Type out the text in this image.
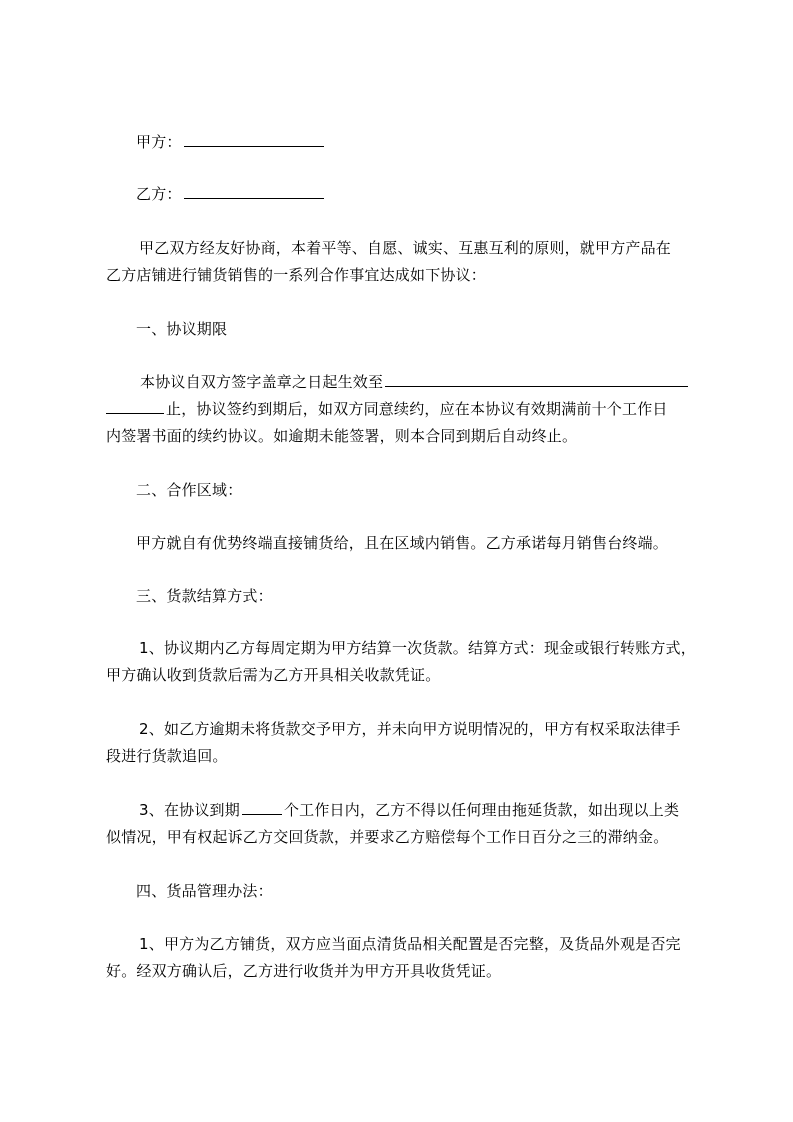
甲方：
乙方：
甲乙双方经友好协商，本着平等、自愿、诚实、互惠互利的原则，就甲方产品在
乙方店铺进行铺货销售的一系列合作事宜达成如下协议：
一、协议期限
本协议自双方签字盖章之日起生效至
止，协议签约到期后，如双方同意续约，应在本协议有效期满前十个工作日
内签署书面的续约协议。如逾期未能签署，则本合同到期后自动终止。
二、合作区域：
甲方就自有优势终端直接铺货给，且在区域内销售。乙方承诺每月销售台终端。
三、货款结算方式：
1、协议期内乙方每周定期为甲方结算一次货款。结算方式：现金或银行转账方式，
甲方确认收到货款后需为乙方开具相关收款凭证。
2、如乙方逾期未将货款交予甲方，并未向甲方说明情况的，甲方有权采取法律手
段进行货款追回。
3、在协议到期	个工作日内，乙方不得以任何理由拖延货款，如出现以上类
似情况，甲有权起诉乙方交回货款，并要求乙方赔偿每个工作日百分之三的滞纳金。
四、货品管理办法：
1、甲方为乙方铺货，双方应当面点清货品相关配置是否完整，及货品外观是否完
好。经双方确认后，乙方进行收货并为甲方开具收货凭证。
